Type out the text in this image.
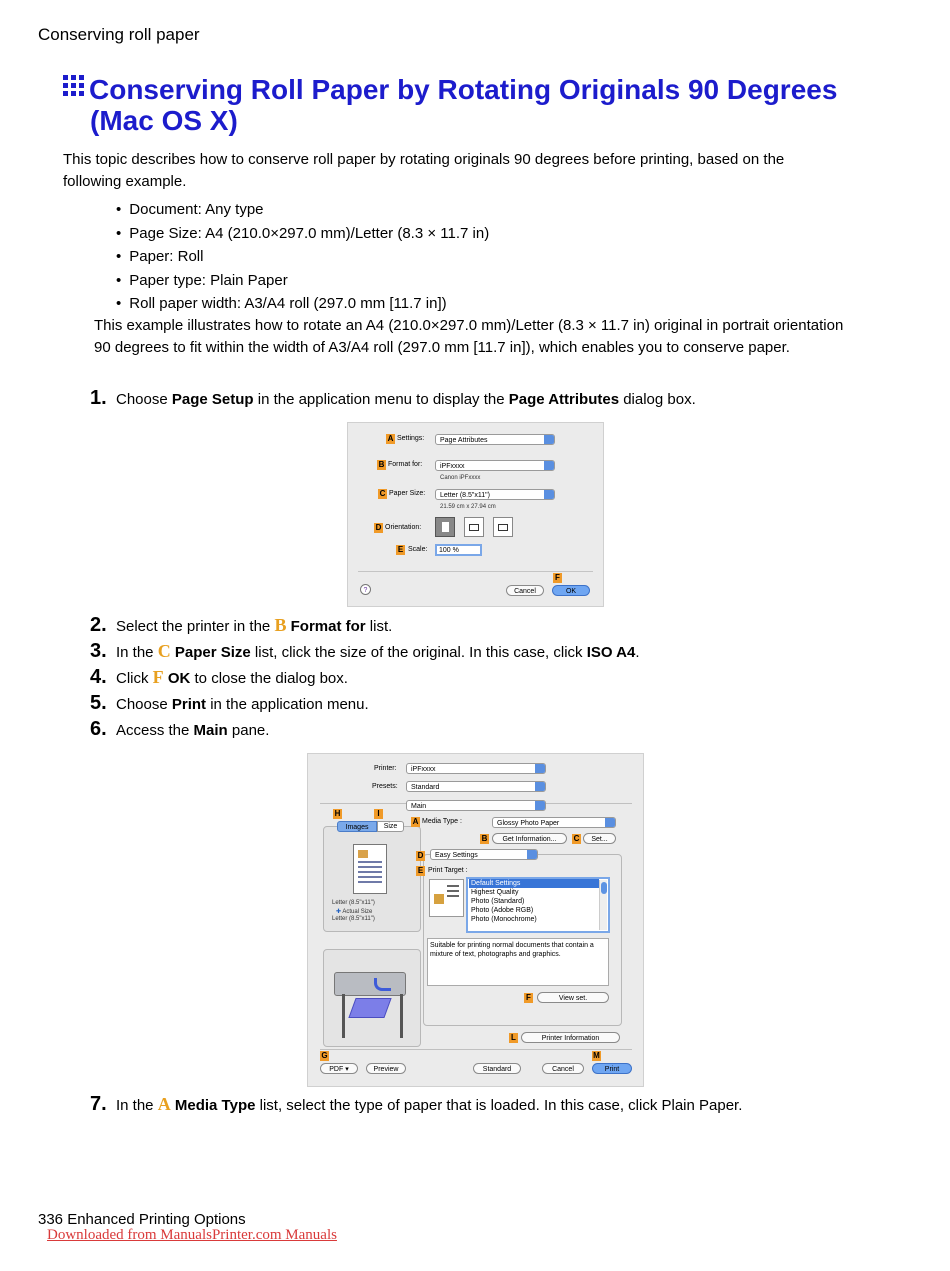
Conserving roll paper
Conserving Roll Paper by Rotating Originals 90 Degrees
(Mac OS X)
This topic describes how to conserve roll paper by rotating originals 90 degrees before printing, based on the following example.
• Document: Any type
• Page Size: A4 (210.0×297.0 mm)/Letter (8.3 × 11.7 in)
• Paper: Roll
• Paper type: Plain Paper
• Roll paper width: A3/A4 roll (297.0 mm [11.7 in])
This example illustrates how to rotate an A4 (210.0×297.0 mm)/Letter (8.3 × 11.7 in) original in portrait orientation 90 degrees to fit within the width of A3/A4 roll (297.0 mm [11.7 in]), which enables you to conserve paper.
1. Choose Page Setup in the application menu to display the Page Attributes dialog box.
A Settings:	Page Attributes
B Format for:	iPFxxxx
Canon iPFxxxx
C Paper Size:	Letter (8.5"x11")
21.59 cm x 27.94 cm
D Orientation:
E Scale:	100 %
F
?	Cancel	OK
2. Select the printer in the B Format for list.
3. In the C Paper Size list, click the size of the original. In this case, click ISO A4.
4. Click F OK to close the dialog box.
5. Choose Print in the application menu.
6. Access the Main pane.
Printer:	iPFxxxx
Presets:	Standard
Main
H	I
Images	Size
Letter (8.5"x11")
✚ Actual Size
Letter (8.5"x11")
A Media Type :	Glossy Photo Paper
B	Get Information...	C	Set...
D	Easy Settings
E Print Target :
Default Settings
Highest Quality
Photo (Standard)
Photo (Adobe RGB)
Photo (Monochrome)
Suitable for printing normal documents that contain a mixture of text, photographs and graphics.
F	View set.
L	Printer Information
G	M
PDF ▾	Preview	Standard	Cancel	Print
7. In the A Media Type list, select the type of paper that is loaded. In this case, click Plain Paper.
336 Enhanced Printing Options
Downloaded from ManualsPrinter.com Manuals
